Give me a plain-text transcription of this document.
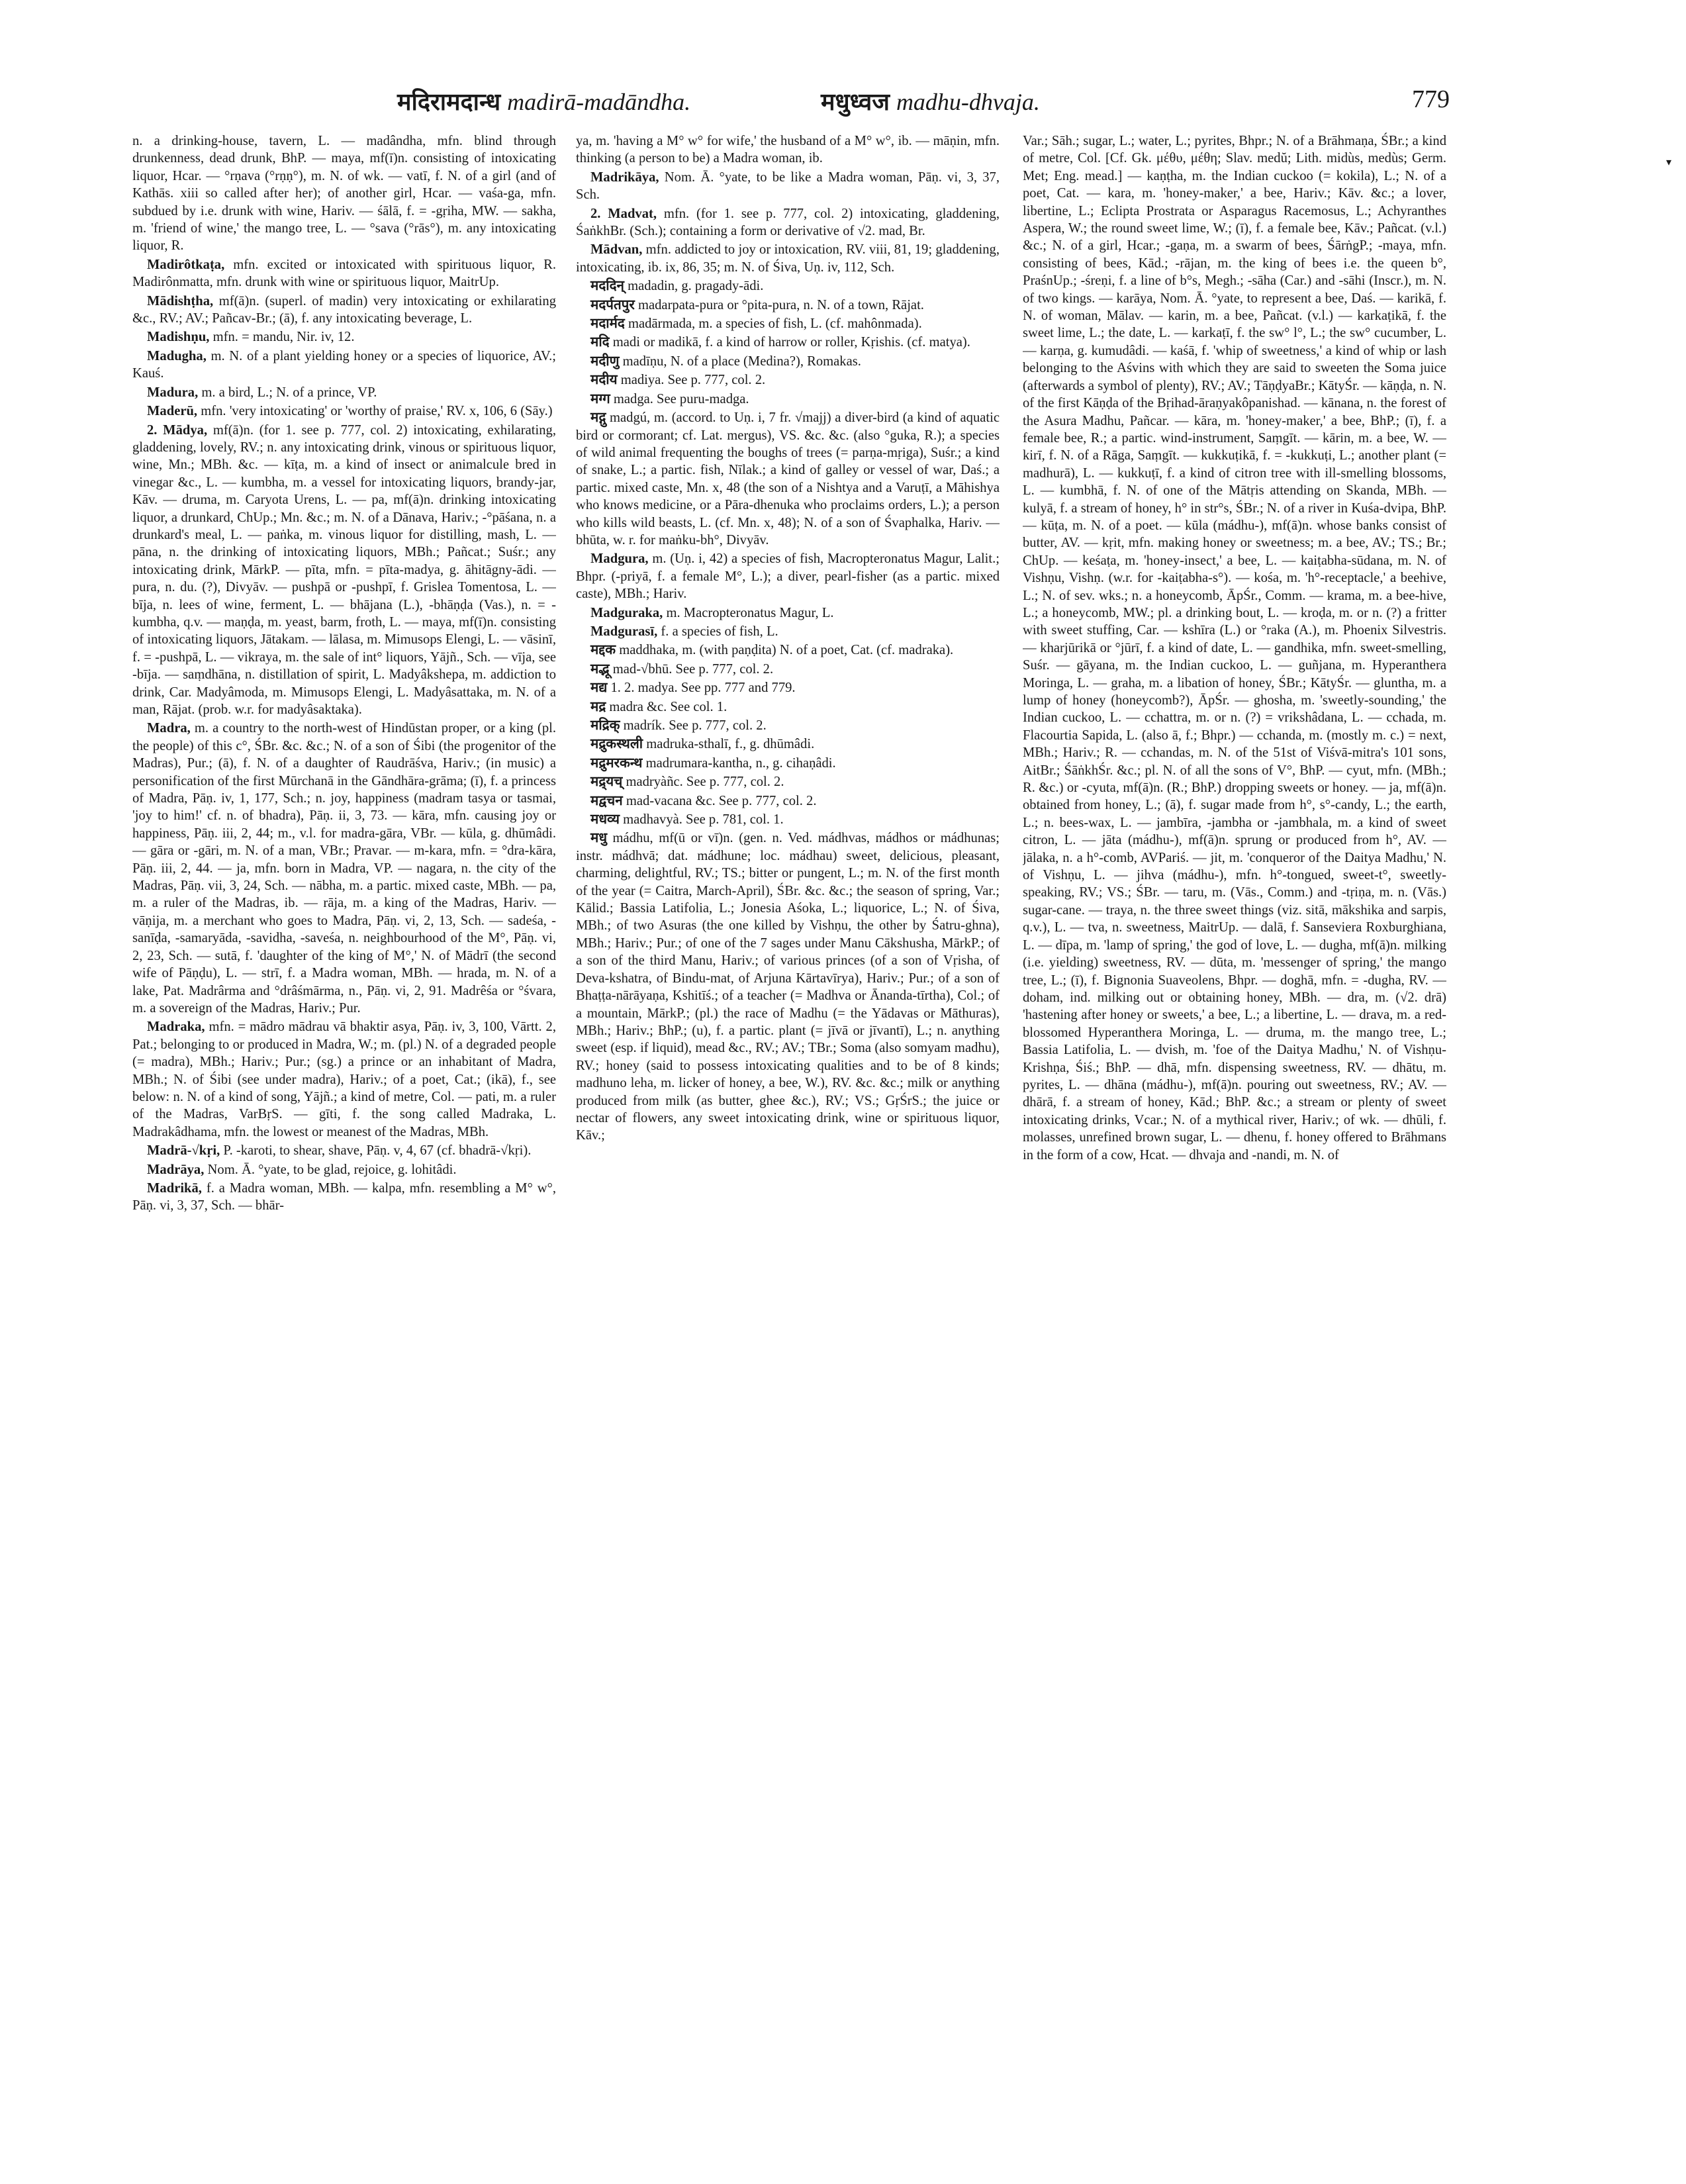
मदिरामदान्ध madirā-madāndha.	मधुध्वज madhu-dhvaja.	779
▾

n. a drinking-house, tavern, L. — madândha, mfn. blind through drunkenness, dead drunk, BhP. — maya, mf(ī)n. consisting of intoxicating liquor, Hcar. — °rṇava (°rṇṇ°), m. N. of wk. — vatī, f. N. of a girl (and of Kathās. xiii so called after her); of another girl, Hcar. — vaśa-ga, mfn. subdued by i.e. drunk with wine, Hariv. — śālā, f. = -gṛiha, MW. — sakha, m. 'friend of wine,' the mango tree, L. — °sava (°rās°), m. any intoxicating liquor, R.

Madirôtkaṭa, mfn. excited or intoxicated with spirituous liquor, R. Madirônmatta, mfn. drunk with wine or spirituous liquor, MaitrUp.

Mādishṭha, mf(ā)n. (superl. of madin) very intoxicating or exhilarating &c., RV.; AV.; Pañcav-Br.; (ā), f. any intoxicating beverage, L.

Madishṇu, mfn. = mandu, Nir. iv, 12.

Madugha, m. N. of a plant yielding honey or a species of liquorice, AV.; Kauś.

Madura, m. a bird, L.; N. of a prince, VP.

Maderū, mfn. 'very intoxicating' or 'worthy of praise,' RV. x, 106, 6 (Sāy.)

2. Mādya, mf(ā)n. (for 1. see p. 777, col. 2) intoxicating, exhilarating, gladdening, lovely, RV.; n. any intoxicating drink, vinous or spirituous liquor, wine, Mn.; MBh. &c. — kīṭa, m. a kind of insect or animalcule bred in vinegar &c., L. — kumbha, m. a vessel for intoxicating liquors, brandy-jar, Kāv. — druma, m. Caryota Urens, L. — pa, mf(ā)n. drinking intoxicating liquor, a drunkard, ChUp.; Mn. &c.; m. N. of a Dānava, Hariv.; -°pāśana, n. a drunkard's meal, L. — paṅka, m. vinous liquor for distilling, mash, L. — pāna, n. the drinking of intoxicating liquors, MBh.; Pañcat.; Suśr.; any intoxicating drink, MārkP. — pīta, mfn. = pīta-madya, g. āhitāgny-ādi. — pura, n. du. (?), Divyāv. — pushpā or -pushpī, f. Grislea Tomentosa, L. — bīja, n. lees of wine, ferment, L. — bhājana (L.), -bhāṇḍa (Vas.), n. = -kumbha, q.v. — maṇḍa, m. yeast, barm, froth, L. — maya, mf(ī)n. consisting of intoxicating liquors, Jātakam. — lālasa, m. Mimusops Elengi, L. — vāsinī, f. = -pushpā, L. — vikraya, m. the sale of int° liquors, Yājñ., Sch. — vīja, see -bīja. — saṃdhāna, n. distillation of spirit, L. Madyâkshepa, m. addiction to drink, Car. Madyâmoda, m. Mimusops Elengi, L. Madyâsattaka, m. N. of a man, Rājat. (prob. w.r. for madyâsaktaka).

Madra, m. a country to the north-west of Hindūstan proper, or a king (pl. the people) of this c°, ŚBr. &c. &c.; N. of a son of Śibi (the progenitor of the Madras), Pur.; (ā), f. N. of a daughter of Raudrāśva, Hariv.; (in music) a personification of the first Mūrchanā in the Gāndhāra-grāma; (ī), f. a princess of Madra, Pāṇ. iv, 1, 177, Sch.; n. joy, happiness (madram tasya or tasmai, 'joy to him!' cf. n. of bhadra), Pāṇ. ii, 3, 73. — kāra, mfn. causing joy or happiness, Pāṇ. iii, 2, 44; m., v.l. for madra-gāra, VBr. — kūla, g. dhūmâdi. — gāra or -gāri, m. N. of a man, VBr.; Pravar. — m-kara, mfn. = °dra-kāra, Pāṇ. iii, 2, 44. — ja, mfn. born in Madra, VP. — nagara, n. the city of the Madras, Pāṇ. vii, 3, 24, Sch. — nābha, m. a partic. mixed caste, MBh. — pa, m. a ruler of the Madras, ib. — rāja, m. a king of the Madras, Hariv. — vāṇija, m. a merchant who goes to Madra, Pāṇ. vi, 2, 13, Sch. — sadeśa, -sanīḍa, -samaryāda, -savidha, -saveśa, n. neighbourhood of the M°, Pāṇ. vi, 2, 23, Sch. — sutā, f. 'daughter of the king of M°,' N. of Mādrī (the second wife of Pāṇḍu), L. — strī, f. a Madra woman, MBh. — hrada, m. N. of a lake, Pat. Madrârma and °drâśmārma, n., Pāṇ. vi, 2, 91. Madrêśa or °śvara, m. a sovereign of the Madras, Hariv.; Pur.

Madraka, mfn. = mādro mādrau vā bhaktir asya, Pāṇ. iv, 3, 100, Vārtt. 2, Pat.; belonging to or produced in Madra, W.; m. (pl.) N. of a degraded people (= madra), MBh.; Hariv.; Pur.; (sg.) a prince or an inhabitant of Madra, MBh.; N. of Śibi (see under madra), Hariv.; of a poet, Cat.; (ikā), f., see below: n. N. of a kind of song, Yājñ.; a kind of metre, Col. — pati, m. a ruler of the Madras, VarBṛS. — gīti, f. the song called Madraka, L. Madrakâdhama, mfn. the lowest or meanest of the Madras, MBh.

Madrā-√kṛi, P. -karoti, to shear, shave, Pāṇ. v, 4, 67 (cf. bhadrā-√kṛi).

Madrāya, Nom. Ā. °yate, to be glad, rejoice, g. lohitâdi.

Madrikā, f. a Madra woman, MBh. — kalpa, mfn. resembling a M° w°, Pāṇ. vi, 3, 37, Sch. — bhār-

ya, m. 'having a M° w° for wife,' the husband of a M° w°, ib. — māṇin, mfn. thinking (a person to be) a Madra woman, ib.

Madrikāya, Nom. Ā. °yate, to be like a Madra woman, Pāṇ. vi, 3, 37, Sch.

2. Madvat, mfn. (for 1. see p. 777, col. 2) intoxicating, gladdening, ŚaṅkhBr. (Sch.); containing a form or derivative of √2. mad, Br.

Mādvan, mfn. addicted to joy or intoxication, RV. viii, 81, 19; gladdening, intoxicating, ib. ix, 86, 35; m. N. of Śiva, Uṇ. iv, 112, Sch.

मददिन् madadin, g. pragady-ādi.

मदर्पतपुर madarpata-pura or °pita-pura, n. N. of a town, Rājat.

मदार्मद madārmada, m. a species of fish, L. (cf. mahônmada).

मदि madi or madikā, f. a kind of harrow or roller, Kṛishis. (cf. matya).

मदीणु madīṇu, N. of a place (Medina?), Romakas.

मदीय madiya. See p. 777, col. 2.

मग्ग madga. See puru-madga.

मद्गु madgú, m. (accord. to Uṇ. i, 7 fr. √majj) a diver-bird (a kind of aquatic bird or cormorant; cf. Lat. mergus), VS. &c. &c. (also °guka, R.); a species of wild animal frequenting the boughs of trees (= parṇa-mṛiga), Suśr.; a kind of snake, L.; a partic. fish, Nīlak.; a kind of galley or vessel of war, Daś.; a partic. mixed caste, Mn. x, 48 (the son of a Nishtya and a Varuṭī, a Māhishya who knows medicine, or a Pāra-dhenuka who proclaims orders, L.); a person who kills wild beasts, L. (cf. Mn. x, 48); N. of a son of Śvaphalka, Hariv. — bhūta, w. r. for maṅku-bh°, Divyāv.

Madgura, m. (Uṇ. i, 42) a species of fish, Macropteronatus Magur, Lalit.; Bhpr. (-priyā, f. a female M°, L.); a diver, pearl-fisher (as a partic. mixed caste), MBh.; Hariv.

Madguraka, m. Macropteronatus Magur, L.

Madgurasī, f. a species of fish, L.

मद्दक maddhaka, m. (with paṇḍita) N. of a poet, Cat. (cf. madraka).

मद्भू mad-√bhū. See p. 777, col. 2.

मद्य 1. 2. madya. See pp. 777 and 779.

मद्र madra &c. See col. 1.

मद्रिक् madrík. See p. 777, col. 2.

मद्रुकस्थली madruka-sthalī, f., g. dhūmâdi.

मद्रुमरकन्थ madrumara-kantha, n., g. cihaṇâdi.

मद्र्यच् madryàñc. See p. 777, col. 2.

मद्वचन mad-vacana &c. See p. 777, col. 2.

मधव्य madhavyà. See p. 781, col. 1.

मधु mádhu, mf(ū or vī)n. (gen. n. Ved. mádhvas, mádhos or mádhunas; instr. mádhvā; dat. mádhune; loc. mádhau) sweet, delicious, pleasant, charming, delightful, RV.; TS.; bitter or pungent, L.; m. N. of the first month of the year (= Caitra, March-April), ŚBr. &c. &c.; the season of spring, Var.; Kālid.; Bassia Latifolia, L.; Jonesia Aśoka, L.; liquorice, L.; N. of Śiva, MBh.; of two Asuras (the one killed by Vishṇu, the other by Śatru-ghna), MBh.; Hariv.; Pur.; of one of the 7 sages under Manu Cākshusha, MārkP.; of a son of the third Manu, Hariv.; of various princes (of a son of Vṛisha, of Deva-kshatra, of Bindu-mat, of Arjuna Kārtavīrya), Hariv.; Pur.; of a son of Bhaṭṭa-nārāyaṇa, Kshitīś.; of a teacher (= Madhva or Ānanda-tīrtha), Col.; of a mountain, MārkP.; (pl.) the race of Madhu (= the Yādavas or Māthuras), MBh.; Hariv.; BhP.; (u), f. a partic. plant (= jīvā or jīvantī), L.; n. anything sweet (esp. if liquid), mead &c., RV.; AV.; TBr.; Soma (also somyam madhu), RV.; honey (said to possess intoxicating qualities and to be of 8 kinds; madhuno leha, m. licker of honey, a bee, W.), RV. &c. &c.; milk or anything produced from milk (as butter, ghee &c.), RV.; VS.; GṛŚrS.; the juice or nectar of flowers, any sweet intoxicating drink, wine or spirituous liquor, Kāv.;

Var.; Sāh.; sugar, L.; water, L.; pyrites, Bhpr.; N. of a Brāhmaṇa, ŚBr.; a kind of metre, Col. [Cf. Gk. μέθυ, μέθη; Slav. medŭ; Lith. midùs, medùs; Germ. Met; Eng. mead.] — kaṇṭha, m. the Indian cuckoo (= kokila), L.; N. of a poet, Cat. — kara, m. 'honey-maker,' a bee, Hariv.; Kāv. &c.; a lover, libertine, L.; Eclipta Prostrata or Asparagus Racemosus, L.; Achyranthes Aspera, W.; the round sweet lime, W.; (ī), f. a female bee, Kāv.; Pañcat. (v.l.) &c.; N. of a girl, Hcar.; -gaṇa, m. a swarm of bees, ŚārṅgP.; -maya, mfn. consisting of bees, Kād.; -rājan, m. the king of bees i.e. the queen b°, PraśnUp.; -śreṇi, f. a line of b°s, Megh.; -sāha (Car.) and -sāhi (Inscr.), m. N. of two kings. — karāya, Nom. Ā. °yate, to represent a bee, Daś. — karikā, f. N. of woman, Mālav. — karin, m. a bee, Pañcat. (v.l.) — karkaṭikā, f. the sweet lime, L.; the date, L. — karkaṭī, f. the sw° l°, L.; the sw° cucumber, L. — karṇa, g. kumudâdi. — kaśā, f. 'whip of sweetness,' a kind of whip or lash belonging to the Aśvins with which they are said to sweeten the Soma juice (afterwards a symbol of plenty), RV.; AV.; TāṇḍyaBr.; KātyŚr. — kāṇḍa, n. N. of the first Kāṇḍa of the Bṛihad-āraṇyakôpanishad. — kānana, n. the forest of the Asura Madhu, Pañcar. — kāra, m. 'honey-maker,' a bee, BhP.; (ī), f. a female bee, R.; a partic. wind-instrument, Saṃgīt. — kārin, m. a bee, W. — kirī, f. N. of a Rāga, Saṃgīt. — kukkuṭikā, f. = -kukkuṭi, L.; another plant (= madhurā), L. — kukkuṭī, f. a kind of citron tree with ill-smelling blossoms, L. — kumbhā, f. N. of one of the Mātṛis attending on Skanda, MBh. — kulyā, f. a stream of honey, h° in str°s, ŚBr.; N. of a river in Kuśa-dvipa, BhP. — kūṭa, m. N. of a poet. — kūla (mádhu-), mf(ā)n. whose banks consist of butter, AV. — kṛit, mfn. making honey or sweetness; m. a bee, AV.; TS.; Br.; ChUp. — keśaṭa, m. 'honey-insect,' a bee, L. — kaiṭabha-sūdana, m. N. of Vishṇu, Vishṇ. (w.r. for -kaiṭabha-s°). — kośa, m. 'h°-receptacle,' a beehive, L.; N. of sev. wks.; n. a honeycomb, ĀpŚr., Comm. — krama, m. a bee-hive, L.; a honeycomb, MW.; pl. a drinking bout, L. — kroḍa, m. or n. (?) a fritter with sweet stuffing, Car. — kshīra (L.) or °raka (A.), m. Phoenix Silvestris. — kharjūrikā or °jūrī, f. a kind of date, L. — gandhika, mfn. sweet-smelling, Suśr. — gāyana, m. the Indian cuckoo, L. — guñjana, m. Hyperanthera Moringa, L. — graha, m. a libation of honey, ŚBr.; KātyŚr. — gluntha, m. a lump of honey (honeycomb?), ĀpŚr. — ghosha, m. 'sweetly-sounding,' the Indian cuckoo, L. — cchattra, m. or n. (?) = vrikshâdana, L. — cchada, m. Flacourtia Sapida, L. (also ā, f.; Bhpr.) — cchanda, m. (mostly m. c.) = next, MBh.; Hariv.; R. — cchandas, m. N. of the 51st of Viśvā-mitra's 101 sons, AitBr.; ŚāṅkhŚr. &c.; pl. N. of all the sons of V°, BhP. — cyut, mfn. (MBh.; R. &c.) or -cyuta, mf(ā)n. (R.; BhP.) dropping sweets or honey. — ja, mf(ā)n. obtained from honey, L.; (ā), f. sugar made from h°, s°-candy, L.; the earth, L.; n. bees-wax, L. — jambīra, -jambha or -jambhala, m. a kind of sweet citron, L. — jāta (mádhu-), mf(ā)n. sprung or produced from h°, AV. — jālaka, n. a h°-comb, AVPariś. — jit, m. 'conqueror of the Daitya Madhu,' N. of Vishṇu, L. — jihva (mádhu-), mfn. h°-tongued, sweet-t°, sweetly-speaking, RV.; VS.; ŚBr. — taru, m. (Vās., Comm.) and -tṛiṇa, m. n. (Vās.) sugar-cane. — traya, n. the three sweet things (viz. sitā, mākshika and sarpis, q.v.), L. — tva, n. sweetness, MaitrUp. — dalā, f. Sanseviera Roxburghiana, L. — dīpa, m. 'lamp of spring,' the god of love, L. — dugha, mf(ā)n. milking (i.e. yielding) sweetness, RV. — dūta, m. 'messenger of spring,' the mango tree, L.; (ī), f. Bignonia Suaveolens, Bhpr. — doghā, mfn. = -dugha, RV. — doham, ind. milking out or obtaining honey, MBh. — dra, m. (√2. drā) 'hastening after honey or sweets,' a bee, L.; a libertine, L. — drava, m. a red-blossomed Hyperanthera Moringa, L. — druma, m. the mango tree, L.; Bassia Latifolia, L. — dvish, m. 'foe of the Daitya Madhu,' N. of Vishṇu-Krishṇa, Śiś.; BhP. — dhā, mfn. dispensing sweetness, RV. — dhātu, m. pyrites, L. — dhāna (mádhu-), mf(ā)n. pouring out sweetness, RV.; AV. — dhārā, f. a stream of honey, Kād.; BhP. &c.; a stream or plenty of sweet intoxicating drinks, Vcar.; N. of a mythical river, Hariv.; of wk. — dhūli, f. molasses, unrefined brown sugar, L. — dhenu, f. honey offered to Brāhmans in the form of a cow, Hcat. — dhvaja and -nandi, m. N. of
